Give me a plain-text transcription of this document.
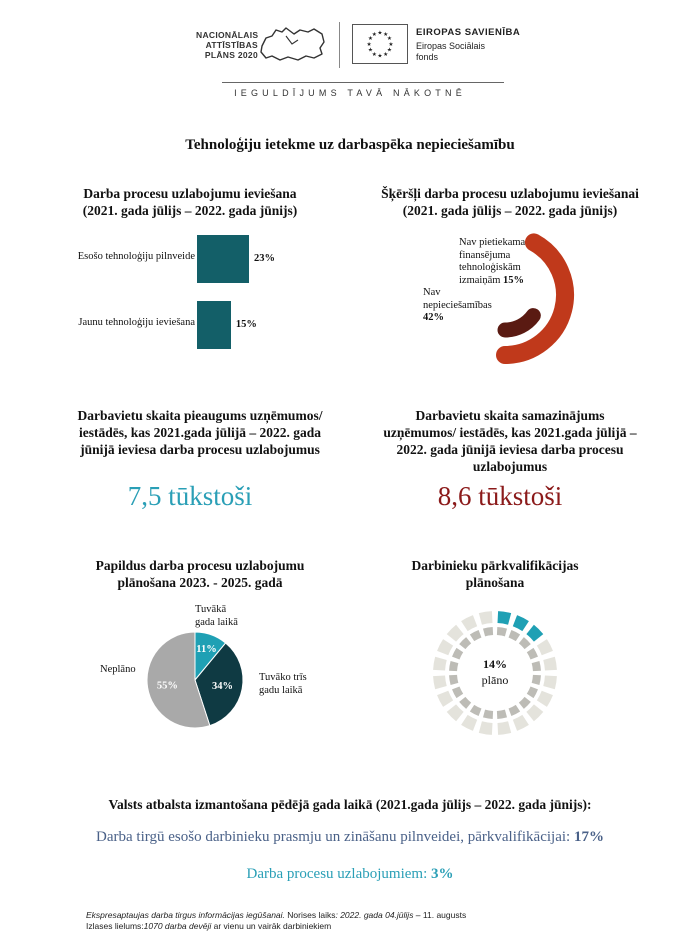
NACIONĀLAIS
ATTĪSTĪBAS
PLĀNS 2020
★ ★
★
★
★
★
★
★
★
★
★
★	EIROPAS SAVIENĪBA
Eiropas Sociālais
fonds
IEGULDĪJUMS TAVĀ NĀKOTNĒ
Tehnoloģiju ietekme uz darbaspēka nepieciešamību
Darba procesu uzlabojumu ieviešana
(2021. gada jūlijs – 2022. gada jūnijs)
Esošo tehnoloģiju pilnveide	23%
Jaunu tehnoloģiju ieviešana	15%
Šķēršļi darba procesu uzlabojumu ieviešanai
(2021. gada jūlijs – 2022. gada jūnijs)
Nav pietiekama
finansējuma
tehnoloģiskām
izmaiņām 15%
Nav
nepieciešamības
42%
Darbavietu skaita pieaugums uzņēmumos/
iestādēs, kas 2021.gada jūlijā – 2022. gada
jūnijā ieviesa darba procesu uzlabojumus
7,5 tūkstoši
Darbavietu skaita samazinājums
uzņēmumos/ iestādēs, kas 2021.gada jūlijā –
2022. gada jūnijā ieviesa darba procesu
uzlabojumus
8,6 tūkstoši
Papildus darba procesu uzlabojumu
plānošana 2023. - 2025. gadā
11%
34%
55%
Tuvākā
gada laikā
Tuvāko trīs
gadu laikā
Neplāno
Darbinieku pārkvalifikācijas
plānošana
14%
plāno
Valsts atbalsta izmantošana pēdējā gada laikā (2021.gada jūlijs – 2022. gada jūnijs):
Darba tirgū esošo darbinieku prasmju un zināšanu pilnveidei, pārkvalifikācijai: 17%
Darba procesu uzlabojumiem: 3%
Ekspresaptaujas darba tirgus informācijas iegūšanai. Norises laiks: 2022. gada 04.jūlijs – 11. augusts
Izlases lielums:1070 darba devēji ar vienu un vairāk darbiniekiem
